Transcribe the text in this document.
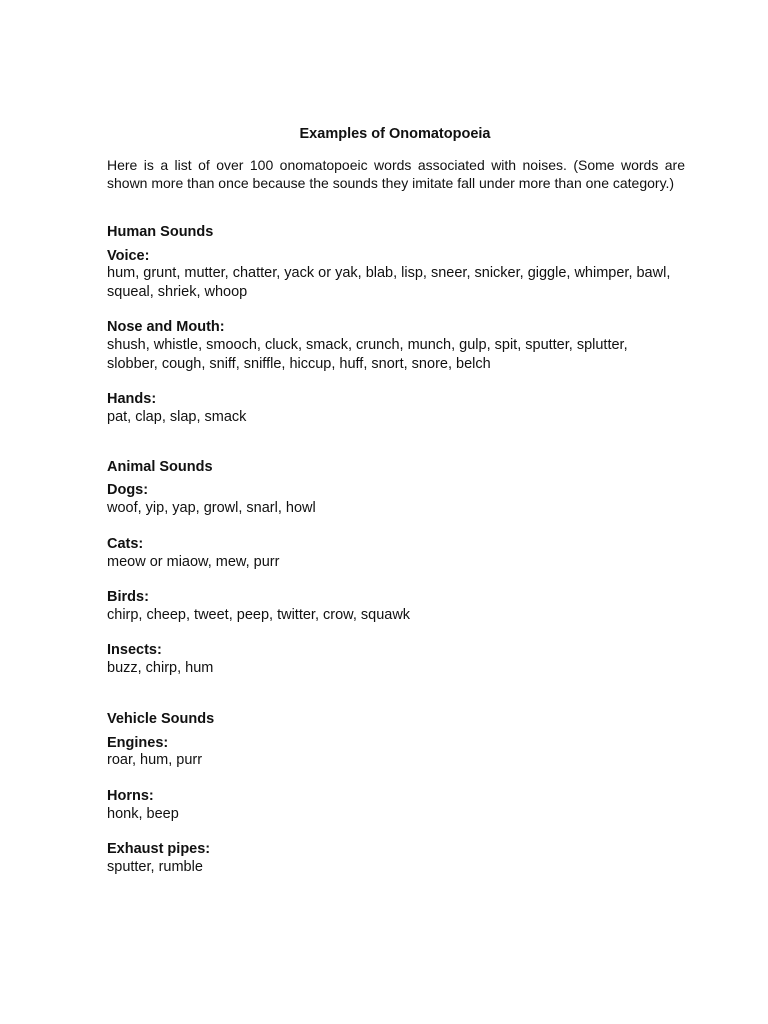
Examples of Onomatopoeia
Here is a list of over 100 onomatopoeic words associated with noises. (Some words are shown more than once because the sounds they imitate fall under more than one category.)
Human Sounds
Voice:
hum, grunt, mutter, chatter, yack or yak, blab, lisp, sneer, snicker, giggle, whimper, bawl, squeal, shriek, whoop
Nose and Mouth:
shush, whistle, smooch, cluck, smack, crunch, munch, gulp, spit, sputter, splutter, slobber, cough, sniff, sniffle, hiccup, huff, snort, snore, belch
Hands:
pat, clap, slap, smack
Animal Sounds
Dogs:
woof, yip, yap, growl, snarl, howl
Cats:
meow or miaow, mew, purr
Birds:
chirp, cheep, tweet, peep, twitter, crow, squawk
Insects:
buzz, chirp, hum
Vehicle Sounds
Engines:
roar, hum, purr
Horns:
honk, beep
Exhaust pipes:
sputter, rumble
